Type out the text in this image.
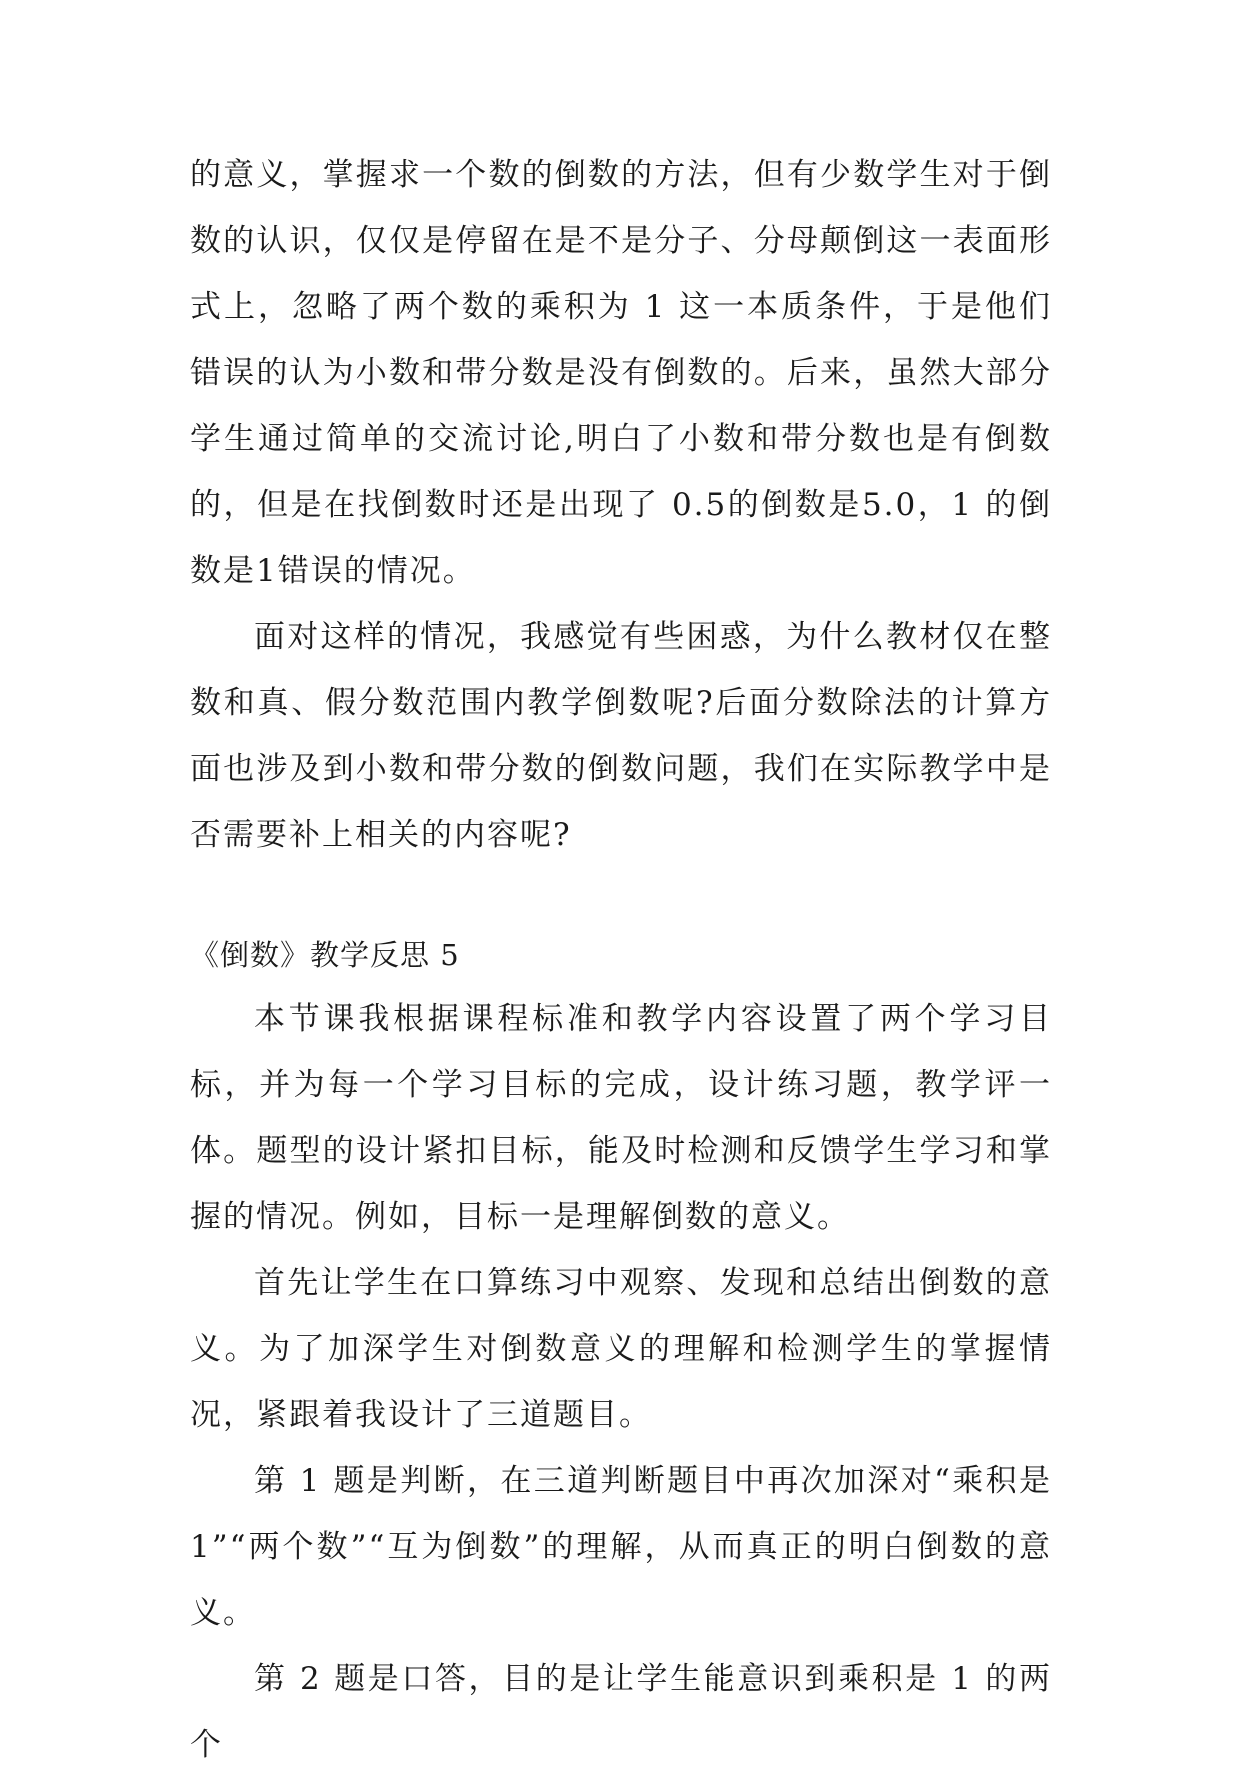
的意义，掌握求一个数的倒数的方法，但有少数学生对于倒数的认识，仅仅是停留在是不是分子、分母颠倒这一表面形式上，忽略了两个数的乘积为 1 这一本质条件，于是他们错误的认为小数和带分数是没有倒数的。后来，虽然大部分学生通过简单的交流讨论,明白了小数和带分数也是有倒数的，但是在找倒数时还是出现了 0.5的倒数是5.0，1 的倒数是1错误的情况。

面对这样的情况，我感觉有些困惑，为什么教材仅在整数和真、假分数范围内教学倒数呢?后面分数除法的计算方面也涉及到小数和带分数的倒数问题，我们在实际教学中是否需要补上相关的内容呢?

《倒数》教学反思 5

本节课我根据课程标准和教学内容设置了两个学习目标，并为每一个学习目标的完成，设计练习题，教学评一体。题型的设计紧扣目标，能及时检测和反馈学生学习和掌握的情况。例如，目标一是理解倒数的意义。

首先让学生在口算练习中观察、发现和总结出倒数的意义。为了加深学生对倒数意义的理解和检测学生的掌握情况，紧跟着我设计了三道题目。

第 1 题是判断，在三道判断题目中再次加深对“乘积是1”“两个数”“互为倒数”的理解，从而真正的明白倒数的意义。

第 2 题是口答，目的是让学生能意识到乘积是 1 的两个
